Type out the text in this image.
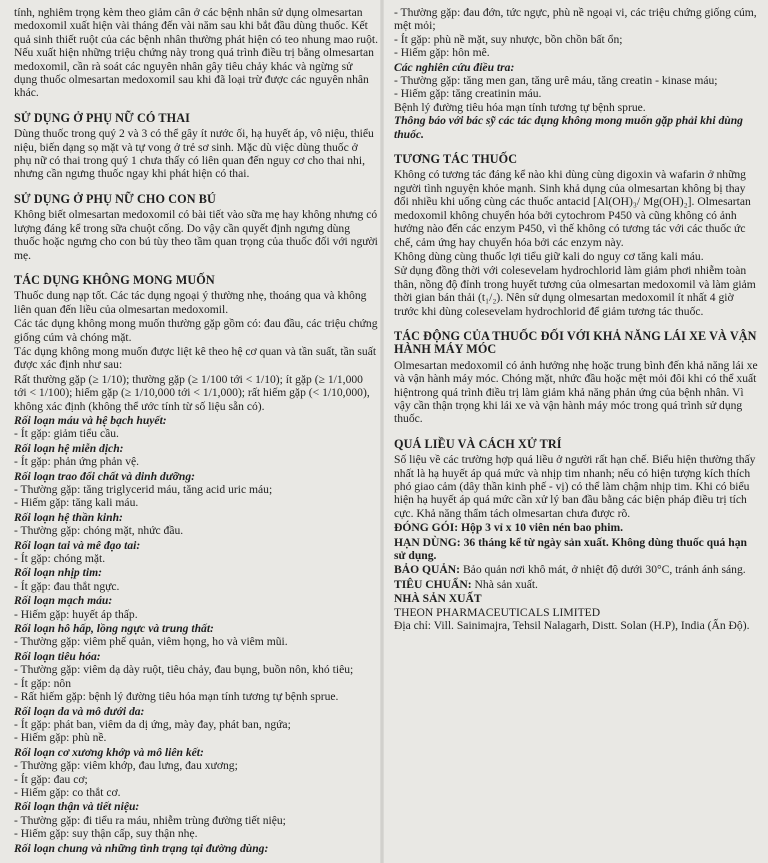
tính, nghiêm trọng kèm theo giảm cân ở các bệnh nhân sử dụng olmesartan medoxomil xuất hiện vài tháng đến vài năm sau khi bắt đầu dùng thuốc. Kết quả sinh thiết ruột của các bệnh nhân thường phát hiện có teo nhung mao ruột. Nếu xuất hiện những triệu chứng này trong quá trình điều trị bằng olmesartan medoxomil, cần rà soát các nguyên nhân gây tiêu chảy khác và ngừng sử dụng thuốc olmesartan medoxomil sau khi đã loại trừ được các nguyên nhân khác.

SỬ DỤNG Ở PHỤ NỮ CÓ THAI

Dùng thuốc trong quý 2 và 3 có thể gây ít nước ối, hạ huyết áp, vô niệu, thiểu niệu, biến dạng sọ mặt và tự vong ở trẻ sơ sinh. Mặc dù việc dùng thuốc ở phụ nữ có thai trong quý 1 chưa thấy có liên quan đến nguy cơ cho thai nhi, nhưng cần ngưng thuốc ngay khi phát hiện có thai.

SỬ DỤNG Ở PHỤ NỮ CHO CON BÚ

Không biết olmesartan medoxomil có bài tiết vào sữa mẹ hay không nhưng có lượng đáng kể trong sữa chuột cống. Do vậy cần quyết định ngưng dùng thuốc hoặc ngưng cho con bú tùy theo tầm quan trọng của thuốc đối với người mẹ.

TÁC DỤNG KHÔNG MONG MUỐN

Thuốc dung nạp tốt. Các tác dụng ngoại ý thường nhẹ, thoáng qua và không liên quan đến liều của olmesartan medoxomil.

Các tác dụng không mong muốn thường gặp gồm có: đau đầu, các triệu chứng giống cúm và chóng mặt.

Tác dụng không mong muốn được liệt kê theo hệ cơ quan và tần suất, tần suất được xác định như sau:

Rất thường gặp (≥ 1/10); thường gặp (≥ 1/100 tới < 1/10); ít gặp (≥ 1/1,000 tới < 1/100); hiếm gặp (≥ 1/10,000 tới < 1/1,000); rất hiếm gặp (< 1/10,000), không xác định (không thể ước tính từ số liệu sẵn có).

Rối loạn máu và hệ bạch huyết:
- Ít gặp: giảm tiểu cầu.
Rối loạn hệ miễn dịch:
- Ít gặp: phản ứng phản vệ.
Rối loạn trao đổi chất và dinh dưỡng:
- Thường gặp: tăng triglycerid máu, tăng acid uric máu;
- Hiếm gặp: tăng kali máu.
Rối loạn hệ thần kinh:
- Thường gặp: chóng mặt, nhức đầu.
Rối loạn tai và mê đạo tai:
- Ít gặp: chóng mặt.
Rối loạn nhịp tim:
- Ít gặp: đau thắt ngực.
Rối loạn mạch máu:
- Hiếm gặp: huyết áp thấp.
Rối loạn hô hấp, lồng ngực và trung thất:
- Thường gặp: viêm phế quản, viêm họng, ho và viêm mũi.
Rối loạn tiêu hóa:
- Thường gặp: viêm dạ dày ruột, tiêu chảy, đau bụng, buồn nôn, khó tiêu;
- Ít gặp: nôn
- Rất hiếm gặp: bệnh lý đường tiêu hóa mạn tính tương tự bệnh sprue.
Rối loạn da và mô dưới da:
- Ít gặp: phát ban, viêm da dị ứng, mày đay, phát ban, ngứa;
- Hiếm gặp: phù nề.
Rối loạn cơ xương khớp và mô liên kết:
- Thường gặp: viêm khớp, đau lưng, đau xương;
- Ít gặp: đau cơ;
- Hiếm gặp: co thắt cơ.
Rối loạn thận và tiết niệu:
- Thường gặp: đi tiểu ra máu, nhiễm trùng đường tiết niệu;
- Hiếm gặp: suy thận cấp, suy thận nhẹ.
Rối loạn chung và những tình trạng tại đường dùng:
- Thường gặp: đau đớn, tức ngực, phù nề ngoại vi, các triệu chứng giống cúm, mệt mỏi;
- Ít gặp: phù nề mặt, suy nhược, bồn chồn bất ổn;
- Hiếm gặp: hôn mê.
Các nghiên cứu điều tra:
- Thường gặp: tăng men gan, tăng urê máu, tăng creatin - kinase máu;
- Hiếm gặp: tăng creatinin máu.
Bệnh lý đường tiêu hóa mạn tính tương tự bệnh sprue.

Thông báo với bác sỹ các tác dụng không mong muốn gặp phải khi dùng thuốc.

TƯƠNG TÁC THUỐC

Không có tương tác đáng kể nào khi dùng cùng digoxin và wafarin ở những người tình nguyện khỏe mạnh. Sinh khả dụng của olmesartan không bị thay đổi nhiều khi uống cùng các thuốc antacid [Al(OH)₃/ Mg(OH)₂]. Olmesartan medoxomil không chuyển hóa bởi cytochrom P450 và cũng không có ảnh hưởng nào đến các enzym P450, vì thế không có tương tác với các thuốc ức chế, cảm ứng hay chuyển hóa bởi các enzym này.

Không dùng cùng thuốc lợi tiểu giữ kali do nguy cơ tăng kali máu.

Sử dụng đồng thời với colesevelam hydrochlorid làm giảm phơi nhiễm toàn thân, nồng độ đỉnh trong huyết tương của olmesartan medoxomil và làm giảm thời gian bán thải (t₁/₂). Nên sử dụng olmesartan medoxomil ít nhất 4 giờ trước khi dùng colesevelam hydrochlorid để giảm tương tác thuốc.

TÁC ĐỘNG CỦA THUỐC ĐỐI VỚI KHẢ NĂNG LÁI XE VÀ VẬN HÀNH MÁY MÓC

Olmesartan medoxomil có ảnh hưởng nhẹ hoặc trung bình đến khả năng lái xe và vận hành máy móc. Chóng mặt, nhức đầu hoặc mệt mỏi đôi khi có thể xuất hiệntrong quá trình điều trị làm giảm khả năng phản ứng của bệnh nhân. Vì vậy cần thận trọng khi lái xe và vận hành máy móc trong quá trình sử dụng thuốc.

QUÁ LIỀU VÀ CÁCH XỬ TRÍ

Số liệu về các trường hợp quá liều ở người rất hạn chế. Biểu hiện thường thấy nhất là hạ huyết áp quá mức và nhịp tim nhanh; nếu có hiện tượng kích thích phó giao cảm (dây thần kinh phế - vị) có thể làm chậm nhịp tim. Khi có biểu hiện hạ huyết áp quá mức cần xử lý ban đầu bằng các biện pháp điều trị tích cực. Khả năng thẩm tách olmesartan chưa được rõ.

ĐÓNG GÓI: Hộp 3 vỉ x 10 viên nén bao phim.

HẠN DÙNG: 36 tháng kể từ ngày sản xuất. Không dùng thuốc quá hạn sử dụng.

BẢO QUẢN: Bảo quản nơi khô mát, ở nhiệt độ dưới 30°C, tránh ánh sáng.

TIÊU CHUẨN: Nhà sản xuất.

NHÀ SẢN XUẤT
THEON PHARMACEUTICALS LIMITED
Địa chỉ: Vill. Sainimajra, Tehsil Nalagarh, Distt. Solan (H.P), India (Ấn Độ).
